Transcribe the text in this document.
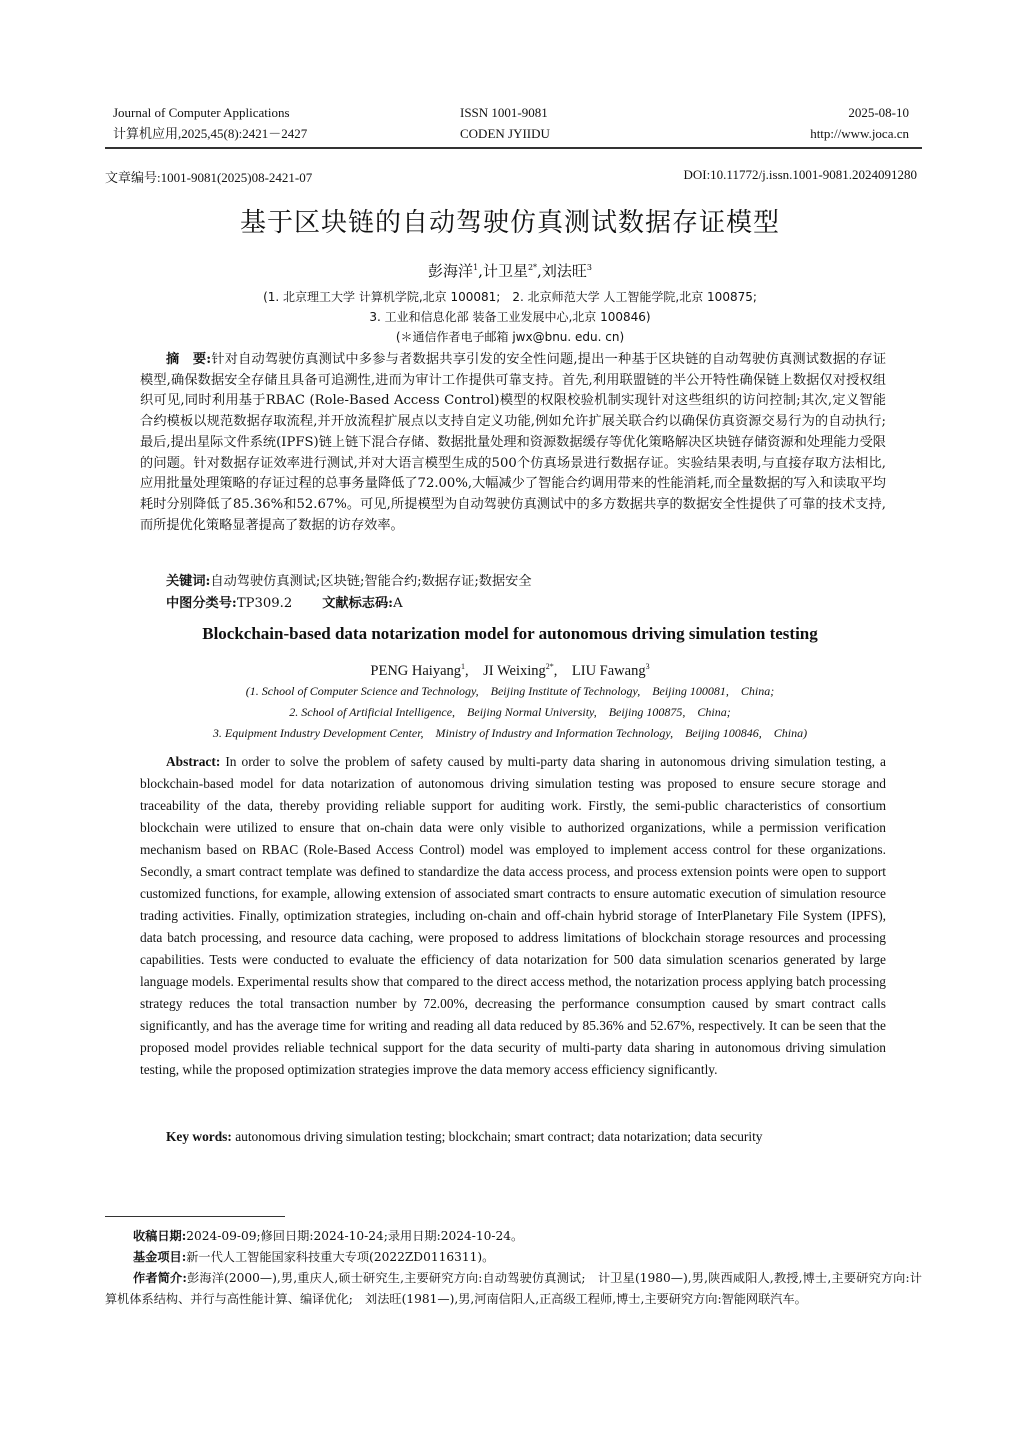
Journal of Computer Applications
计算机应用,2025,45(8):2421－2427
ISSN 1001-9081
CODEN JYIIDU
2025-08-10
http://www.joca.cn
文章编号:1001-9081(2025)08-2421-07	DOI:10.11772/j.issn.1001-9081.2024091280
基于区块链的自动驾驶仿真测试数据存证模型
彭海洋$^1$,计卫星$^{2*}$,刘法旺$^3$
(1. 北京理工大学 计算机学院,北京 100081;　2. 北京师范大学 人工智能学院,北京 100875;
3. 工业和信息化部 装备工业发展中心,北京 100846)
(＊通信作者电子邮箱 jwx@bnu. edu. cn)
摘　要:针对自动驾驶仿真测试中多参与者数据共享引发的安全性问题,提出一种基于区块链的自动驾驶仿真测试数据的存证模型,确保数据安全存储且具备可追溯性,进而为审计工作提供可靠支持。首先,利用联盟链的半公开特性确保链上数据仅对授权组织可见,同时利用基于RBAC (Role-Based Access Control)模型的权限校验机制实现针对这些组织的访问控制;其次,定义智能合约模板以规范数据存取流程,并开放流程扩展点以支持自定义功能,例如允许扩展关联合约以确保仿真资源交易行为的自动执行;最后,提出星际文件系统(IPFS)链上链下混合存储、数据批量处理和资源数据缓存等优化策略解决区块链存储资源和处理能力受限的问题。针对数据存证效率进行测试,并对大语言模型生成的500个仿真场景进行数据存证。实验结果表明,与直接存取方法相比,应用批量处理策略的存证过程的总事务量降低了72.00%,大幅减少了智能合约调用带来的性能消耗,而全量数据的写入和读取平均耗时分别降低了85.36%和52.67%。可见,所提模型为自动驾驶仿真测试中的多方数据共享的数据安全性提供了可靠的技术支持,而所提优化策略显著提高了数据的访存效率。
关键词:自动驾驶仿真测试;区块链;智能合约;数据存证;数据安全
中图分类号:TP309.2 文献标志码:A
Blockchain-based data notarization model for autonomous driving simulation testing
PENG Haiyang$^1$,　JI Weixing$^{2*}$,　LIU Fawang$^3$
(1. School of Computer Science and Technology,　Beijing Institute of Technology,　Beijing 100081,　China;
2. School of Artificial Intelligence,　Beijing Normal University,　Beijing 100875,　China;
3. Equipment Industry Development Center,　Ministry of Industry and Information Technology,　Beijing 100846,　China)
Abstract: In order to solve the problem of safety caused by multi-party data sharing in autonomous driving simulation testing, a blockchain-based model for data notarization of autonomous driving simulation testing was proposed to ensure secure storage and traceability of the data, thereby providing reliable support for auditing work. Firstly, the semi-public characteristics of consortium blockchain were utilized to ensure that on-chain data were only visible to authorized organizations, while a permission verification mechanism based on RBAC (Role-Based Access Control) model was employed to implement access control for these organizations. Secondly, a smart contract template was defined to standardize the data access process, and process extension points were open to support customized functions, for example, allowing extension of associated smart contracts to ensure automatic execution of simulation resource trading activities. Finally, optimization strategies, including on-chain and off-chain hybrid storage of InterPlanetary File System (IPFS), data batch processing, and resource data caching, were proposed to address limitations of blockchain storage resources and processing capabilities. Tests were conducted to evaluate the efficiency of data notarization for 500 data simulation scenarios generated by large language models. Experimental results show that compared to the direct access method, the notarization process applying batch processing strategy reduces the total transaction number by 72.00%, decreasing the performance consumption caused by smart contract calls significantly, and has the average time for writing and reading all data reduced by 85.36% and 52.67%, respectively. It can be seen that the proposed model provides reliable technical support for the data security of multi-party data sharing in autonomous driving simulation testing, while the proposed optimization strategies improve the data memory access efficiency significantly.
Key words: autonomous driving simulation testing; blockchain; smart contract; data notarization; data security
收稿日期:2024-09-09;修回日期:2024-10-24;录用日期:2024-10-24。
基金项目:新一代人工智能国家科技重大专项(2022ZD0116311)。
作者简介:彭海洋(2000—),男,重庆人,硕士研究生,主要研究方向:自动驾驶仿真测试;　计卫星(1980—),男,陕西咸阳人,教授,博士,主要研究方向:计算机体系结构、并行与高性能计算、编译优化;　刘法旺(1981—),男,河南信阳人,正高级工程师,博士,主要研究方向:智能网联汽车。
